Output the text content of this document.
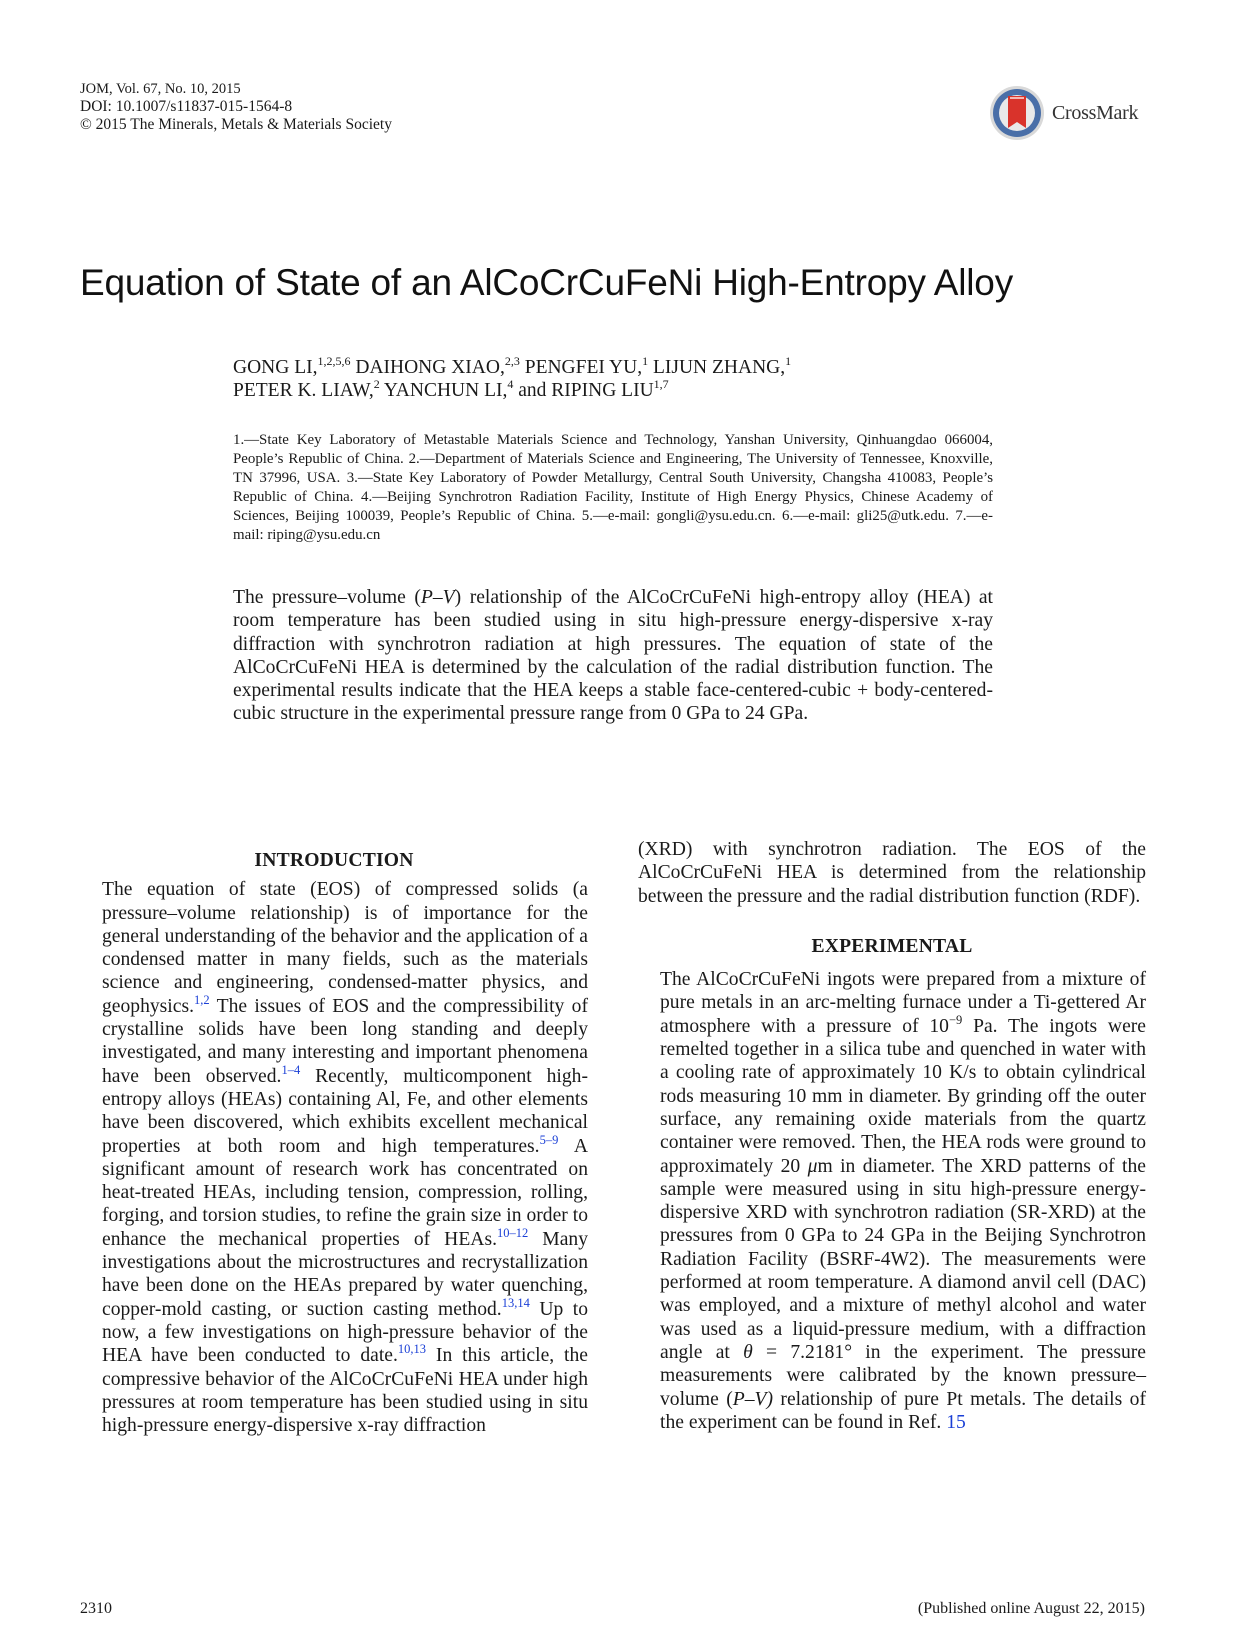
JOM, Vol. 67, No. 10, 2015
DOI: 10.1007/s11837-015-1564-8
© 2015 The Minerals, Metals & Materials Society
CrossMark
Equation of State of an AlCoCrCuFeNi High-Entropy Alloy
GONG LI,$^{1,2,5,6}$ DAIHONG XIAO,$^{2,3}$ PENGFEI YU,$^1$ LIJUN ZHANG,$^1$
PETER K. LIAW,$^2$ YANCHUN LI,$^4$ and RIPING LIU$^{1,7}$

1.—State Key Laboratory of Metastable Materials Science and Technology, Yanshan University, Qinhuangdao 066004, People’s Republic of China. 2.—Department of Materials Science and Engineering, The University of Tennessee, Knoxville, TN 37996, USA. 3.—State Key Laboratory of Powder Metallurgy, Central South University, Changsha 410083, People’s Republic of China. 4.—Beijing Synchrotron Radiation Facility, Institute of High Energy Physics, Chinese Academy of Sciences, Beijing 100039, People’s Republic of China. 5.—e-mail: gongli@ysu.edu.cn. 6.—e-mail: gli25@utk.edu. 7.—e-mail: riping@ysu.edu.cn

The pressure–volume (P–V) relationship of the AlCoCrCuFeNi high-entropy alloy (HEA) at room temperature has been studied using in situ high-pressure energy-dispersive x-ray diffraction with synchrotron radiation at high pressures. The equation of state of the AlCoCrCuFeNi HEA is determined by the calculation of the radial distribution function. The experimental results indicate that the HEA keeps a stable face-centered-cubic + body-centered-cubic structure in the experimental pressure range from 0 GPa to 24 GPa.

INTRODUCTION

The equation of state (EOS) of compressed solids (a pressure–volume relationship) is of importance for the general understanding of the behavior and the application of a condensed matter in many fields, such as the materials science and engineering, condensed-matter physics, and geophysics.$^{1,2}$ The issues of EOS and the compressibility of crystalline solids have been long standing and deeply investigated, and many interesting and important phenomena have been observed.$^{1-4}$ Recently, multicomponent high-entropy alloys (HEAs) containing Al, Fe, and other elements have been discovered, which exhibits excellent mechanical properties at both room and high temperatures.$^{5-9}$ A significant amount of research work has concentrated on heat-treated HEAs, including tension, compression, rolling, forging, and torsion studies, to refine the grain size in order to enhance the mechanical properties of HEAs.$^{10-12}$ Many investigations about the microstructures and recrystallization have been done on the HEAs prepared by water quenching, copper-mold casting, or suction casting method.$^{13,14}$ Up to now, a few investigations on high-pressure behavior of the HEA have been conducted to date.$^{10,13}$ In this article, the compressive behavior of the AlCoCrCuFeNi HEA under high pressures at room temperature has been studied using in situ high-pressure energy-dispersive x-ray diffraction
(XRD) with synchrotron radiation. The EOS of the AlCoCrCuFeNi HEA is determined from the relationship between the pressure and the radial distribution function (RDF).

EXPERIMENTAL

The AlCoCrCuFeNi ingots were prepared from a mixture of pure metals in an arc-melting furnace under a Ti-gettered Ar atmosphere with a pressure of $10^{-9}$ Pa. The ingots were remelted together in a silica tube and quenched in water with a cooling rate of approximately 10 K/s to obtain cylindrical rods measuring 10 mm in diameter. By grinding off the outer surface, any remaining oxide materials from the quartz container were removed. Then, the HEA rods were ground to approximately 20 μm in diameter. The XRD patterns of the sample were measured using in situ high-pressure energy-dispersive XRD with synchrotron radiation (SR-XRD) at the pressures from 0 GPa to 24 GPa in the Beijing Synchrotron Radiation Facility (BSRF-4W2). The measurements were performed at room temperature. A diamond anvil cell (DAC) was employed, and a mixture of methyl alcohol and water was used as a liquid-pressure medium, with a diffraction angle at θ = 7.2181° in the experiment. The pressure measurements were calibrated by the known pressure–volume (P–V) relationship of pure Pt metals. The details of the experiment can be found in Ref. 15
2310	(Published online August 22, 2015)
